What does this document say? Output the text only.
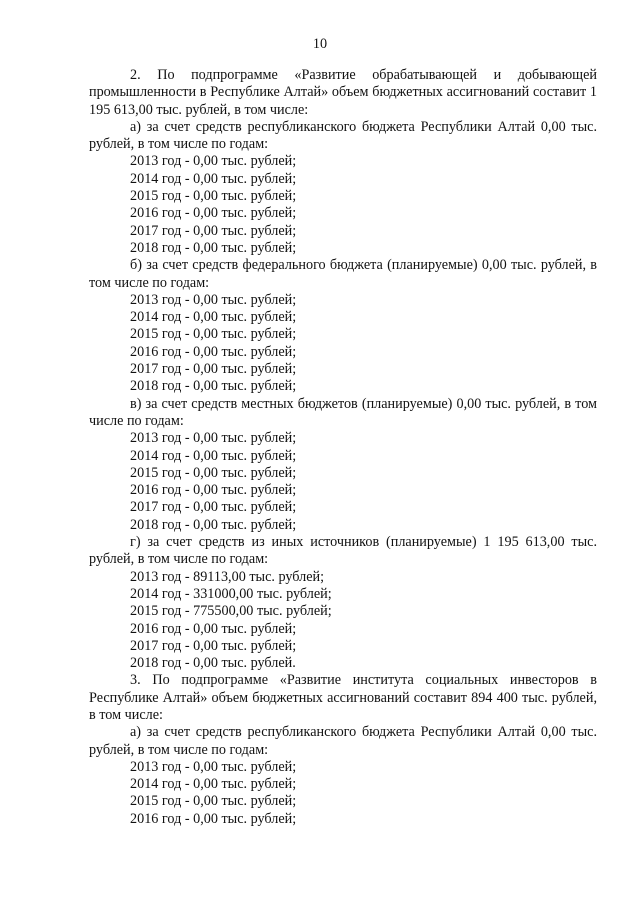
10

2. По подпрограмме «Развитие обрабатывающей и добывающей промышленности в Республике Алтай» объем бюджетных ассигнований составит 1 195 613,00 тыс. рублей, в том числе:

а) за счет средств республиканского бюджета Республики Алтай 0,00 тыс. рублей, в том числе по годам:

2013 год - 0,00 тыс. рублей;

2014 год - 0,00 тыс. рублей;

2015 год - 0,00 тыс. рублей;

2016 год - 0,00 тыс. рублей;

2017 год - 0,00 тыс. рублей;

2018 год - 0,00 тыс. рублей;

б) за счет средств федерального бюджета (планируемые) 0,00 тыс. рублей, в том числе по годам:

2013 год - 0,00 тыс. рублей;

2014 год - 0,00 тыс. рублей;

2015 год - 0,00 тыс. рублей;

2016 год - 0,00 тыс. рублей;

2017 год - 0,00 тыс. рублей;

2018 год - 0,00 тыс. рублей;

в) за счет средств местных бюджетов (планируемые) 0,00 тыс. рублей, в том числе по годам:

2013 год - 0,00 тыс. рублей;

2014 год - 0,00 тыс. рублей;

2015 год - 0,00 тыс. рублей;

2016 год - 0,00 тыс. рублей;

2017 год - 0,00 тыс. рублей;

2018 год - 0,00 тыс. рублей;

г) за счет средств из иных источников (планируемые) 1 195 613,00 тыс. рублей, в том числе по годам:

2013 год - 89113,00 тыс. рублей;

2014 год - 331000,00 тыс. рублей;

2015 год - 775500,00 тыс. рублей;

2016 год - 0,00 тыс. рублей;

2017 год - 0,00 тыс. рублей;

2018 год - 0,00 тыс. рублей.

3. По подпрограмме «Развитие института социальных инвесторов в Республике Алтай» объем бюджетных ассигнований составит 894 400 тыс. рублей, в том числе:

а) за счет средств республиканского бюджета Республики Алтай 0,00 тыс. рублей, в том числе по годам:

2013 год - 0,00 тыс. рублей;

2014 год - 0,00 тыс. рублей;

2015 год - 0,00 тыс. рублей;

2016 год - 0,00 тыс. рублей;
